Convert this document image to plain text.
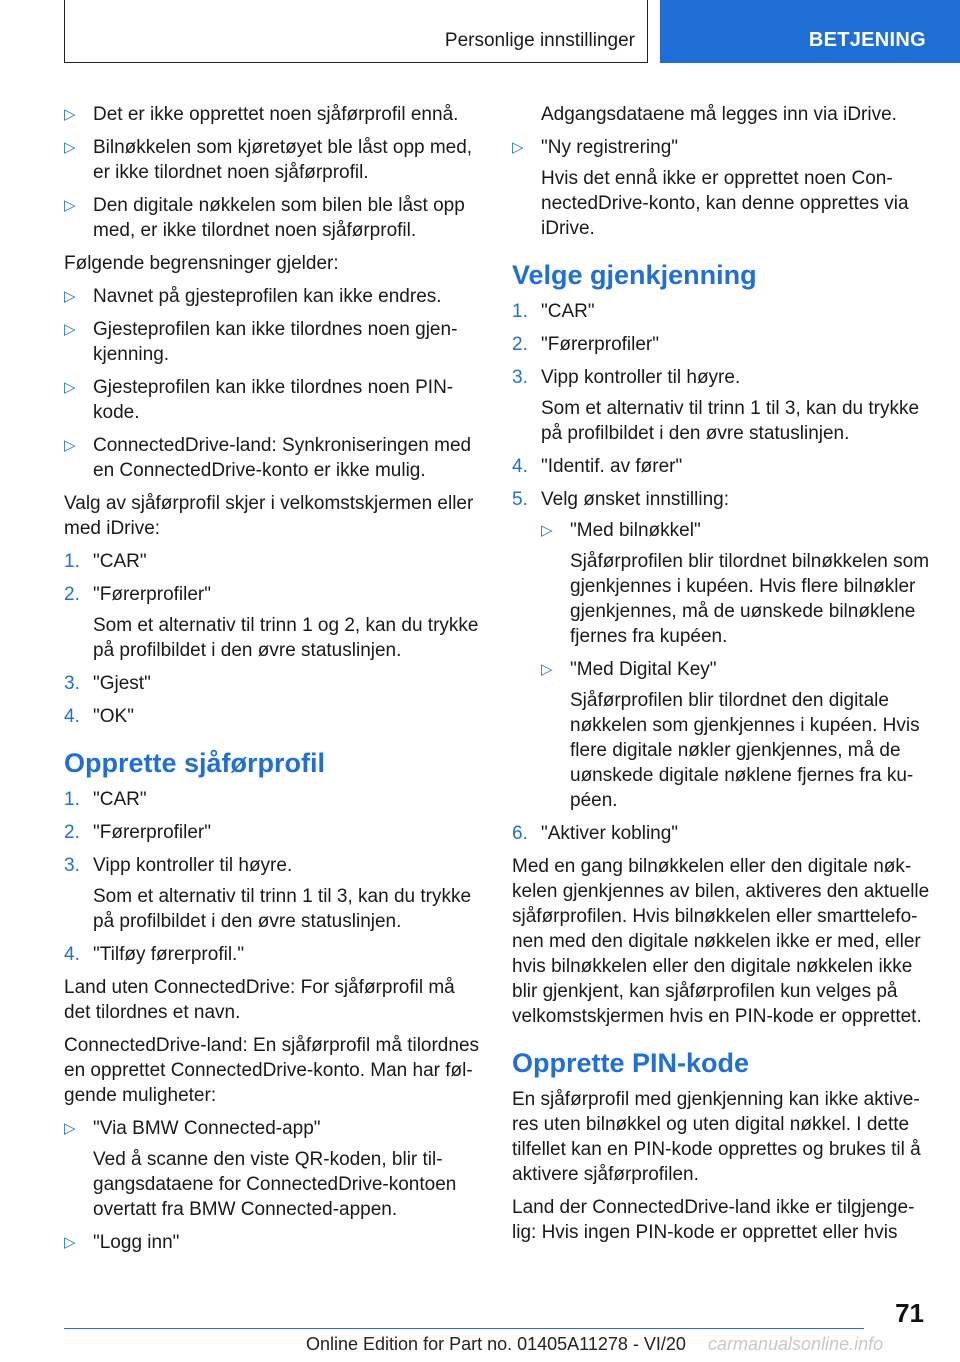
Personlige innstillinger	BETJENING
▷ Det er ikke opprettet noen sjåførprofil ennå.
▷ Bilnøkkelen som kjøretøyet ble låst opp med, er ikke tilordnet noen sjåførprofil.
▷ Den digitale nøkkelen som bilen ble låst opp med, er ikke tilordnet noen sjåførprofil.

Følgende begrensninger gjelder:

▷ Navnet på gjesteprofilen kan ikke endres.
▷ Gjesteprofilen kan ikke tilordnes noen gjenkjenning.
▷ Gjesteprofilen kan ikke tilordnes noen PIN-kode.
▷ ConnectedDrive-land: Synkroniseringen med en ConnectedDrive-konto er ikke mulig.

Valg av sjåførprofil skjer i velkomstskjermen eller med iDrive:

1. "CAR"
2. "Førerprofiler"
Som et alternativ til trinn 1 og 2, kan du trykke på profilbildet i den øvre statuslinjen.
3. "Gjest"
4. "OK"
Opprette sjåførprofil
1. "CAR"
2. "Førerprofiler"
3. Vipp kontroller til høyre.
Som et alternativ til trinn 1 til 3, kan du trykke på profilbildet i den øvre statuslinjen.
4. "Tilføy førerprofil."

Land uten ConnectedDrive: For sjåførprofil må det tilordnes et navn.

ConnectedDrive-land: En sjåførprofil må tilordnes en opprettet ConnectedDrive-konto. Man har følgende muligheter:

▷ "Via BMW Connected-app"
Ved å scanne den viste QR-koden, blir tilgangsdataene for ConnectedDrive-kontoen overtatt fra BMW Connected-appen.
▷ "Logg inn"
Adgangsdataene må legges inn via iDrive.
▷ "Ny registrering"
Hvis det ennå ikke er opprettet noen ConnectedDrive-konto, kan denne opprettes via iDrive.
Velge gjenkjenning
1. "CAR"
2. "Førerprofiler"
3. Vipp kontroller til høyre.
Som et alternativ til trinn 1 til 3, kan du trykke på profilbildet i den øvre statuslinjen.
4. "Identif. av fører"
5. Velg ønsket innstilling:
▷ "Med bilnøkkel"
Sjåførprofilen blir tilordnet bilnøkkelen som gjenkjennes i kupéen. Hvis flere bilnøkler gjenkjennes, må de uønskede bilnøklene fjernes fra kupéen.
▷ "Med Digital Key"
Sjåførprofilen blir tilordnet den digitale nøkkelen som gjenkjennes i kupéen. Hvis flere digitale nøkler gjenkjennes, må de uønskede digitale nøklene fjernes fra kupéen.
6. "Aktiver kobling"

Med en gang bilnøkkelen eller den digitale nøkkelen gjenkjennes av bilen, aktiveres den aktuelle sjåførprofilen. Hvis bilnøkkelen eller smarttelefonen med den digitale nøkkelen ikke er med, eller hvis bilnøkkelen eller den digitale nøkkelen ikke blir gjenkjent, kan sjåførprofilen kun velges på velkomstskjermen hvis en PIN-kode er opprettet.

Opprette PIN-kode

En sjåførprofil med gjenkjenning kan ikke aktiveres uten bilnøkkel og uten digital nøkkel. I dette tilfellet kan en PIN-kode opprettes og brukes til å aktivere sjåførprofilen.

Land der ConnectedDrive-land ikke er tilgjengelig: Hvis ingen PIN-kode er opprettet eller hvis

71
Online Edition for Part no. 01405A11278 - VI/20 carmanualsonline.info
